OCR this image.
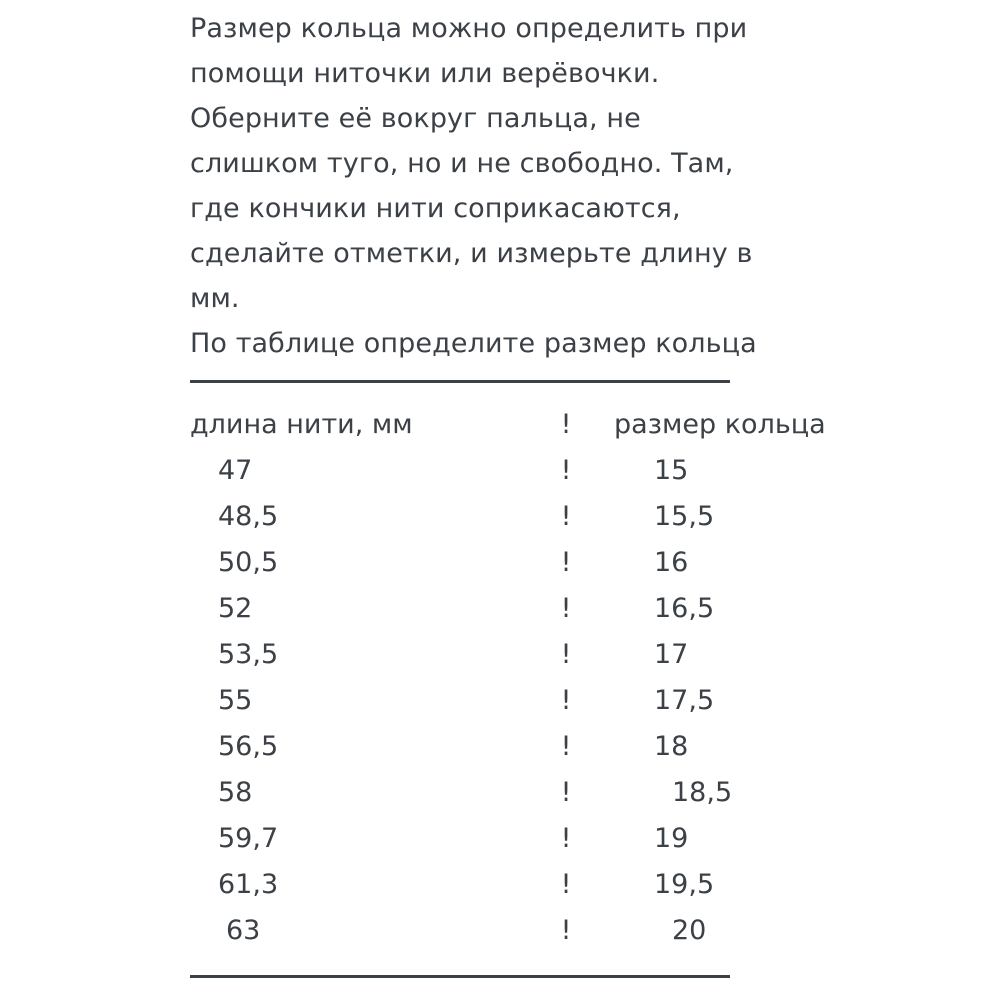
Размер кольца можно определить при

помощи ниточки или верёвочки.

Оберните её вокруг пальца, не

слишком туго, но и не свободно. Там,

где кончики нити соприкасаются,

сделайте отметки, и измерьте длину в

мм.

По таблице определите размер кольца

длина нити, мм	!	размер кольца
47	!	15
48,5	!	15,5
50,5	!	16
52	!	16,5
53,5	!	17
55	!	17,5
56,5	!	18
58	!	18,5
59,7	!	19
61,3	!	19,5
63	!	20
